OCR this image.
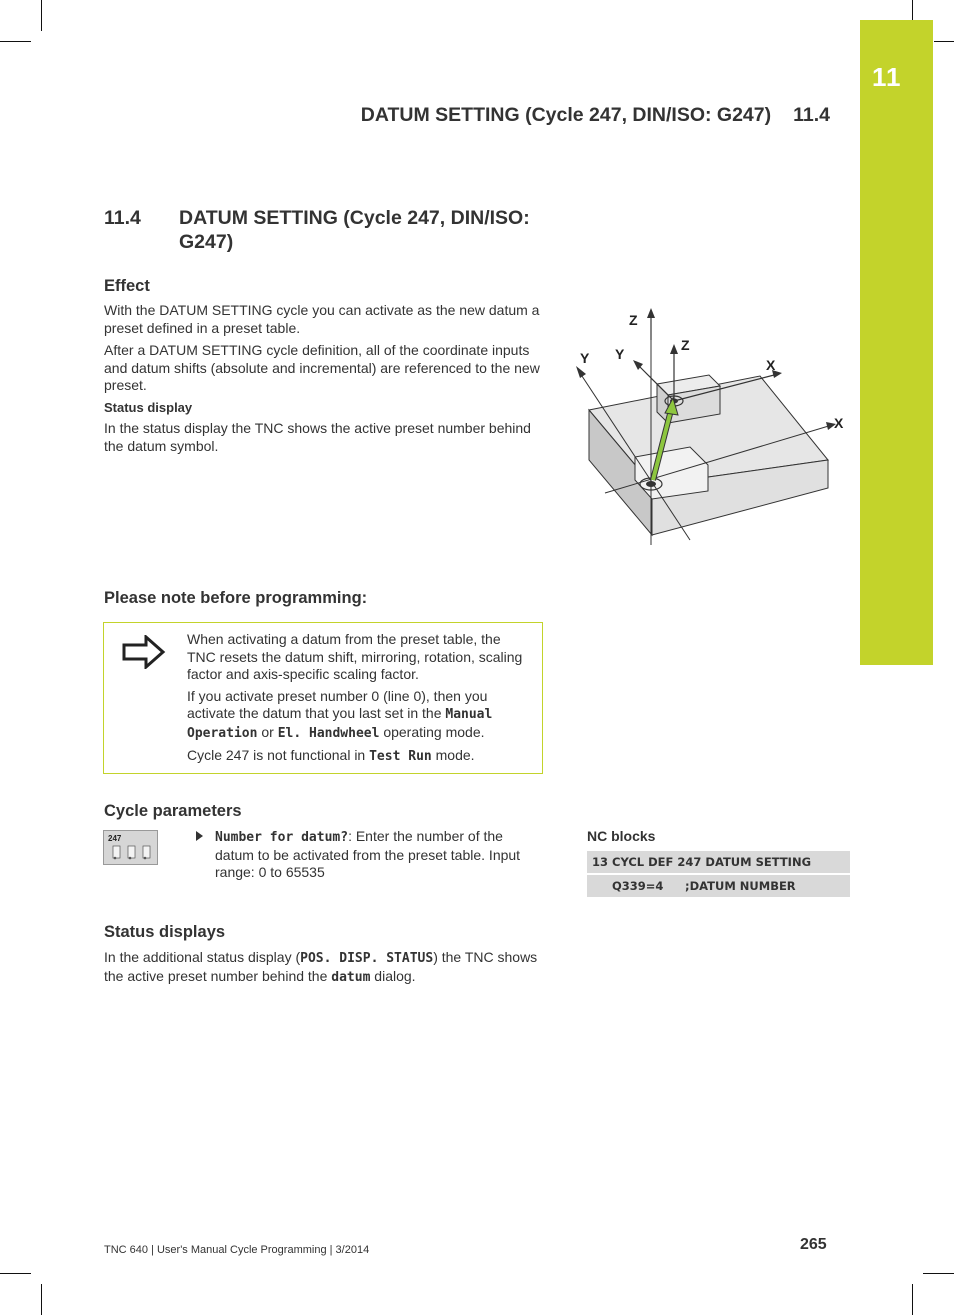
11
DATUM SETTING (Cycle 247, DIN/ISO: G247) 11.4
11.4 DATUM SETTING (Cycle 247, DIN/ISO: G247)
Effect
With the DATUM SETTING cycle you can activate as the new datum a preset defined in a preset table.
After a DATUM SETTING cycle definition, all of the coordinate inputs and datum shifts (absolute and incremental) are referenced to the new preset.
Status display
In the status display the TNC shows the active preset number behind the datum symbol.
Z
Z
Y Y
X
X
Please note before programming:

When activating a datum from the preset table, the TNC resets the datum shift, mirroring, rotation, scaling factor and axis-specific scaling factor.

If you activate preset number 0 (line 0), then you activate the datum that you last set in the Manual Operation or El. Handwheel operating mode.

Cycle 247 is not functional in Test Run mode.

Cycle parameters
247	Number for datum?: Enter the number of the datum to be activated from the preset table. Input range: 0 to 65535
NC blocks
13 CYCL DEF 247 DATUM SETTING
Q339=4 ;DATUM NUMBER
Status displays
In the additional status display (POS. DISP. STATUS) the TNC shows the active preset number behind the datum dialog.
TNC 640 | User's Manual Cycle Programming | 3/2014	265
